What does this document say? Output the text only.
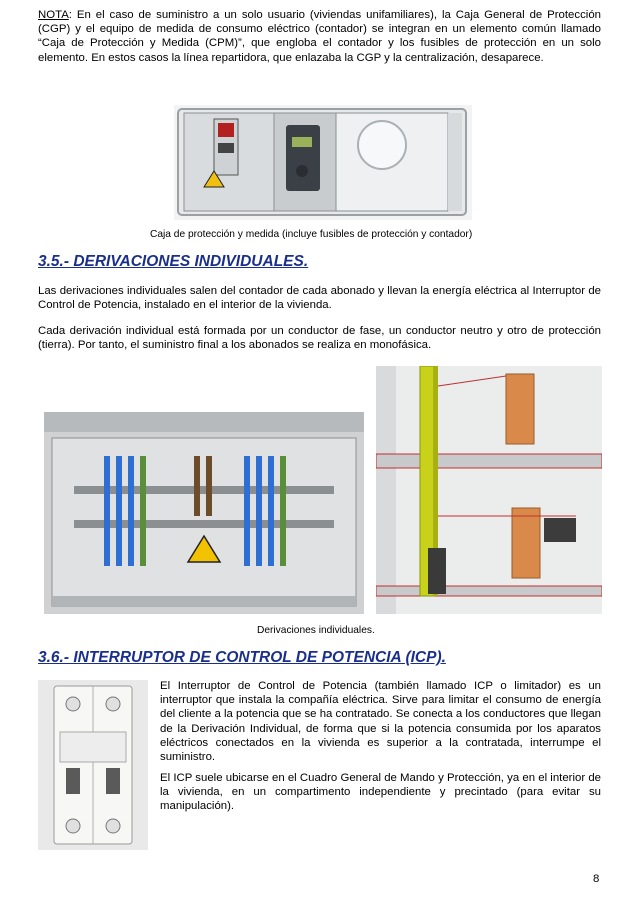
NOTA: En el caso de suministro a un solo usuario (viviendas unifamiliares), la Caja General de Protección (CGP) y el equipo de medida de consumo eléctrico (contador) se integran en un elemento común llamado “Caja de Protección y Medida (CPM)”, que engloba el contador y los fusibles de protección en un solo elemento. En estos casos la línea repartidora, que enlazaba la CGP y la centralización, desaparece.

Caja de protección y medida (incluye fusibles de protección y contador)

3.5.- DERIVACIONES INDIVIDUALES.

Las derivaciones individuales salen del contador de cada abonado y llevan la energía eléctrica al Interruptor de Control de Potencia, instalado en el interior de la vivienda.

Cada derivación individual está formada por un conductor de fase, un conductor neutro y otro de protección (tierra). Por tanto, el suministro final a los abonados se realiza en monofásica.

Derivaciones individuales.

3.6.- INTERRUPTOR DE CONTROL DE POTENCIA (ICP).

El Interruptor de Control de Potencia (también llamado ICP o limitador) es un interruptor que instala la compañía eléctrica. Sirve para limitar el consumo de energía del cliente a la potencia que se ha contratado. Se conecta a los conductores que llegan de la Derivación Individual, de forma que si la potencia consumida por los aparatos eléctricos conectados en la vivienda es superior a la contratada, interrumpe el suministro.

El ICP suele ubicarse en el Cuadro General de Mando y Protección, ya en el interior de la vivienda, en un compartimento independiente y precintado (para evitar su manipulación).

8
